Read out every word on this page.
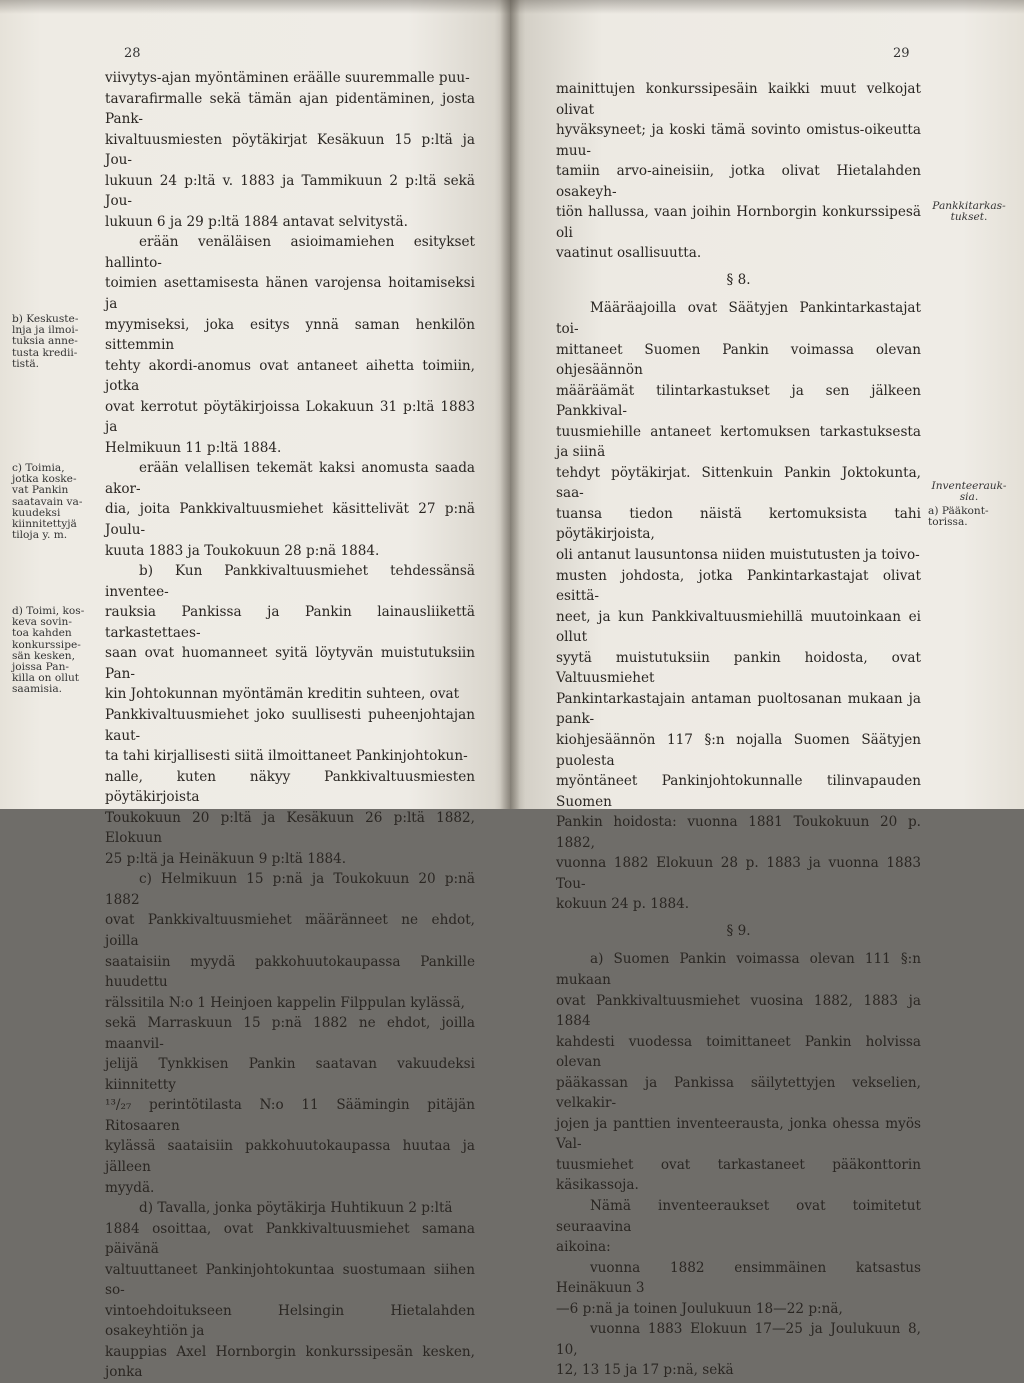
28

viivytys-ajan myöntäminen eräälle suuremmalle puu-

tavarafirmalle sekä tämän ajan pidentäminen, josta Pank-

kivaltuusmiesten pöytäkirjat Kesäkuun 15 p:ltä ja Jou-

lukuun 24 p:ltä v. 1883 ja Tammikuun 2 p:ltä sekä Jou-

lukuun 6 ja 29 p:ltä 1884 antavat selvitystä.

erään venäläisen asioimamiehen esitykset hallinto-

toimien asettamisesta hänen varojensa hoitamiseksi ja

myymiseksi, joka esitys ynnä saman henkilön sittemmin

tehty akordi-anomus ovat antaneet aihetta toimiin, jotka

ovat kerrotut pöytäkirjoissa Lokakuun 31 p:ltä 1883 ja

Helmikuun 11 p:ltä 1884.

erään velallisen tekemät kaksi anomusta saada akor-

dia, joita Pankkivaltuusmiehet käsittelivät 27 p:nä Joulu-

kuuta 1883 ja Toukokuun 28 p:nä 1884.

b) Kun Pankkivaltuusmiehet tehdessänsä inventee-

rauksia Pankissa ja Pankin lainausliikettä tarkastettaes-

saan ovat huomanneet syitä löytyvän muistutuksiin Pan-

kin Johtokunnan myöntämän kreditin suhteen, ovat

Pankkivaltuusmiehet joko suullisesti puheenjohtajan kaut-

ta tahi kirjallisesti siitä ilmoittaneet Pankinjohtokun-

nalle, kuten näkyy Pankkivaltuusmiesten pöytäkirjoista

Toukokuun 20 p:ltä ja Kesäkuun 26 p:ltä 1882, Elokuun

25 p:ltä ja Heinäkuun 9 p:ltä 1884.

c) Helmikuun 15 p:nä ja Toukokuun 20 p:nä 1882

ovat Pankkivaltuusmiehet määränneet ne ehdot, joilla

saataisiin myydä pakkohuutokaupassa Pankille huudettu

rälssitila N:o 1 Heinjoen kappelin Filppulan kylässä,

sekä Marraskuun 15 p:nä 1882 ne ehdot, joilla maanvil-

jelijä Tynkkisen Pankin saatavan vakuudeksi kiinnitetty

¹³/₂₇ perintötilasta N:o 11 Säämingin pitäjän Ritosaaren

kylässä saataisiin pakkohuutokaupassa huutaa ja jälleen

myydä.

d) Tavalla, jonka pöytäkirja Huhtikuun 2 p:ltä

1884 osoittaa, ovat Pankkivaltuusmiehet samana päivänä

valtuuttaneet Pankinjohtokuntaa suostumaan siihen so-

vintoehdoitukseen Helsingin Hietalahden osakeyhtiön ja

kauppias Axel Hornborgin konkurssipesän kesken, jonka

b) Keskuste-
lnja ja ilmoi-
tuksia anne-
tusta kredii-
tistä.
c) Toimia,
jotka koske-
vat Pankin
saatavain va-
kuudeksi
kiinnitettyjä
tiloja y. m.
d) Toimi, kos-
keva sovin-
toa kahden
konkurssipe-
sän kesken,
joissa Pan-
killa on ollut
saamisia.
29

mainittujen konkurssipesäin kaikki muut velkojat olivat

hyväksyneet; ja koski tämä sovinto omistus-oikeutta muu-

tamiin arvo-aineisiin, jotka olivat Hietalahden osakeyh-

tiön hallussa, vaan joihin Hornborgin konkurssipesä oli

vaatinut osallisuutta.

§ 8.

Määräajoilla ovat Säätyjen Pankintarkastajat toi-

mittaneet Suomen Pankin voimassa olevan ohjesäännön

määräämät tilintarkastukset ja sen jälkeen Pankkival-

tuusmiehille antaneet kertomuksen tarkastuksesta ja siinä

tehdyt pöytäkirjat. Sittenkuin Pankin Joktokunta, saa-

tuansa tiedon näistä kertomuksista tahi pöytäkirjoista,

oli antanut lausuntonsa niiden muistutusten ja toivo-

musten johdosta, jotka Pankintarkastajat olivat esittä-

neet, ja kun Pankkivaltuusmiehillä muutoinkaan ei ollut

syytä muistutuksiin pankin hoidosta, ovat Valtuusmiehet

Pankintarkastajain antaman puoltosanan mukaan ja pank-

kiohjesäännön 117 §:n nojalla Suomen Säätyjen puolesta

myöntäneet Pankinjohtokunnalle tilinvapauden Suomen

Pankin hoidosta: vuonna 1881 Toukokuun 20 p. 1882,

vuonna 1882 Elokuun 28 p. 1883 ja vuonna 1883 Tou-

kokuun 24 p. 1884.

§ 9.

a) Suomen Pankin voimassa olevan 111 §:n mukaan

ovat Pankkivaltuusmiehet vuosina 1882, 1883 ja 1884

kahdesti vuodessa toimittaneet Pankin holvissa olevan

pääkassan ja Pankissa säilytettyjen vekselien, velkakir-

jojen ja panttien inventeerausta, jonka ohessa myös Val-

tuusmiehet ovat tarkastaneet pääkonttorin käsikassoja.

Nämä inventeeraukset ovat toimitetut seuraavina

aikoina:

vuonna 1882 ensimmäinen katsastus Heinäkuun 3

—6 p:nä ja toinen Joulukuun 18—22 p:nä,

vuonna 1883 Elokuun 17—25 ja Joulukuun 8, 10,

12, 13 15 ja 17 p:nä, sekä

Pankkitarkas-
tukset.
Inventeerauk-
sia.
a) Pääkont-
torissa.
